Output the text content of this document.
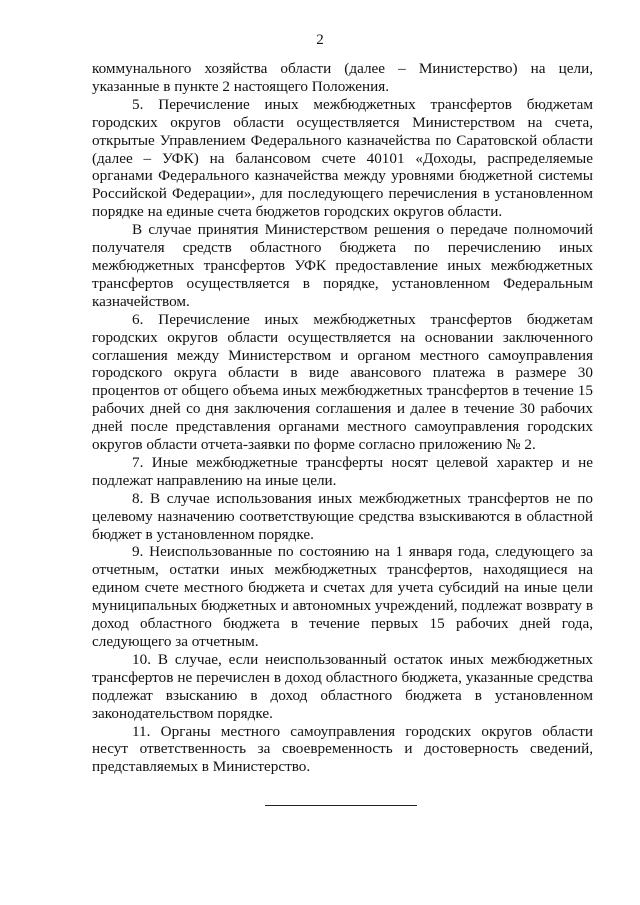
2

коммунального хозяйства области (далее – Министерство) на цели, указанные в пункте 2 настоящего Положения.

5. Перечисление иных межбюджетных трансфертов бюджетам городских округов области осуществляется Министерством на счета, открытые Управлением Федерального казначейства по Саратовской области (далее – УФК) на балансовом счете 40101 «Доходы, распределяемые органами Федерального казначейства между уровнями бюджетной системы Российской Федерации», для последующего перечисления в установленном порядке на единые счета бюджетов городских округов области.

В случае принятия Министерством решения о передаче полномочий получателя средств областного бюджета по перечислению иных межбюджетных трансфертов УФК предоставление иных межбюджетных трансфертов осуществляется в порядке, установленном Федеральным казначейством.

6. Перечисление иных межбюджетных трансфертов бюджетам городских округов области осуществляется на основании заключенного соглашения между Министерством и органом местного самоуправления городского округа области в виде авансового платежа в размере 30 процентов от общего объема иных межбюджетных трансфертов в течение 15 рабочих дней со дня заключения соглашения и далее в течение 30 рабочих дней после представления органами местного самоуправления городских округов области отчета-заявки по форме согласно приложению № 2.

7. Иные межбюджетные трансферты носят целевой характер и не подлежат направлению на иные цели.

8. В случае использования иных межбюджетных трансфертов не по целевому назначению соответствующие средства взыскиваются в областной бюджет в установленном порядке.

9. Неиспользованные по состоянию на 1 января года, следующего за отчетным, остатки иных межбюджетных трансфертов, находящиеся на едином счете местного бюджета и счетах для учета субсидий на иные цели муниципальных бюджетных и автономных учреждений, подлежат возврату в доход областного бюджета в течение первых 15 рабочих дней года, следующего за отчетным.

10. В случае, если неиспользованный остаток иных межбюджетных трансфертов не перечислен в доход областного бюджета, указанные средства подлежат взысканию в доход областного бюджета в установленном законодательством порядке.

11. Органы местного самоуправления городских округов области несут ответственность за своевременность и достоверность сведений, представляемых в Министерство.
